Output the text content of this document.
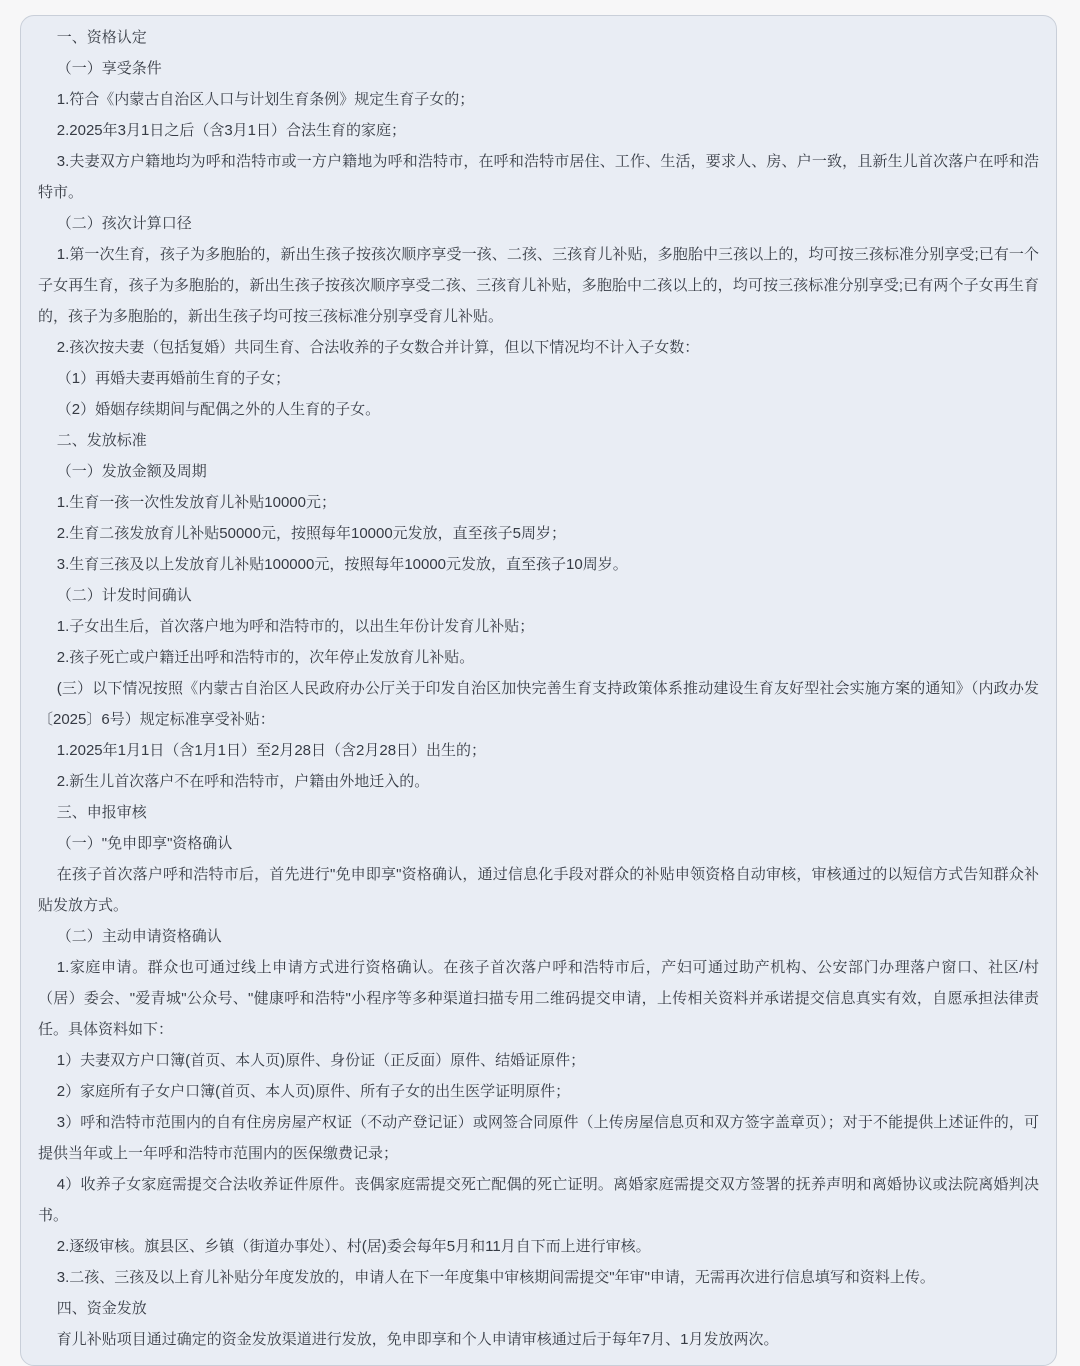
一、资格认定

（一）享受条件

1.符合《内蒙古自治区人口与计划生育条例》规定生育子女的；

2.2025年3月1日之后（含3月1日）合法生育的家庭；

3.夫妻双方户籍地均为呼和浩特市或一方户籍地为呼和浩特市，在呼和浩特市居住、工作、生活，要求人、房、户一致，且新生儿首次落户在呼和浩特市。

（二）孩次计算口径

1.第一次生育，孩子为多胞胎的，新出生孩子按孩次顺序享受一孩、二孩、三孩育儿补贴，多胞胎中三孩以上的，均可按三孩标准分别享受;已有一个子女再生育，孩子为多胞胎的，新出生孩子按孩次顺序享受二孩、三孩育儿补贴，多胞胎中二孩以上的，均可按三孩标准分别享受;已有两个子女再生育的，孩子为多胞胎的，新出生孩子均可按三孩标准分别享受育儿补贴。

2.孩次按夫妻（包括复婚）共同生育、合法收养的子女数合并计算，但以下情况均不计入子女数：

（1）再婚夫妻再婚前生育的子女；

（2）婚姻存续期间与配偶之外的人生育的子女。

二、发放标准

（一）发放金额及周期

1.生育一孩一次性发放育儿补贴10000元；

2.生育二孩发放育儿补贴50000元，按照每年10000元发放，直至孩子5周岁；

3.生育三孩及以上发放育儿补贴100000元，按照每年10000元发放，直至孩子10周岁。

（二）计发时间确认

1.子女出生后，首次落户地为呼和浩特市的，以出生年份计发育儿补贴；

2.孩子死亡或户籍迁出呼和浩特市的，次年停止发放育儿补贴。

(三）以下情况按照《内蒙古自治区人民政府办公厅关于印发自治区加快完善生育支持政策体系推动建设生育友好型社会实施方案的通知》（内政办发〔2025〕6号）规定标准享受补贴：

1.2025年1月1日（含1月1日）至2月28日（含2月28日）出生的；

2.新生儿首次落户不在呼和浩特市，户籍由外地迁入的。

三、申报审核

（一）"免申即享"资格确认

在孩子首次落户呼和浩特市后，首先进行"免申即享"资格确认，通过信息化手段对群众的补贴申领资格自动审核，审核通过的以短信方式告知群众补贴发放方式。

（二）主动申请资格确认

1.家庭申请。群众也可通过线上申请方式进行资格确认。在孩子首次落户呼和浩特市后，产妇可通过助产机构、公安部门办理落户窗口、社区/村（居）委会、"爱青城"公众号、"健康呼和浩特"小程序等多种渠道扫描专用二维码提交申请，上传相关资料并承诺提交信息真实有效，自愿承担法律责任。具体资料如下：

1）夫妻双方户口簿(首页、本人页)原件、身份证（正反面）原件、结婚证原件；

2）家庭所有子女户口簿(首页、本人页)原件、所有子女的出生医学证明原件；

3）呼和浩特市范围内的自有住房房屋产权证（不动产登记证）或网签合同原件（上传房屋信息页和双方签字盖章页）；对于不能提供上述证件的，可提供当年或上一年呼和浩特市范围内的医保缴费记录；

4）收养子女家庭需提交合法收养证件原件。丧偶家庭需提交死亡配偶的死亡证明。离婚家庭需提交双方签署的抚养声明和离婚协议或法院离婚判决书。

2.逐级审核。旗县区、乡镇（街道办事处）、村(居)委会每年5月和11月自下而上进行审核。

3.二孩、三孩及以上育儿补贴分年度发放的，申请人在下一年度集中审核期间需提交"年审"申请，无需再次进行信息填写和资料上传。

四、资金发放

育儿补贴项目通过确定的资金发放渠道进行发放，免申即享和个人申请审核通过后于每年7月、1月发放两次。
